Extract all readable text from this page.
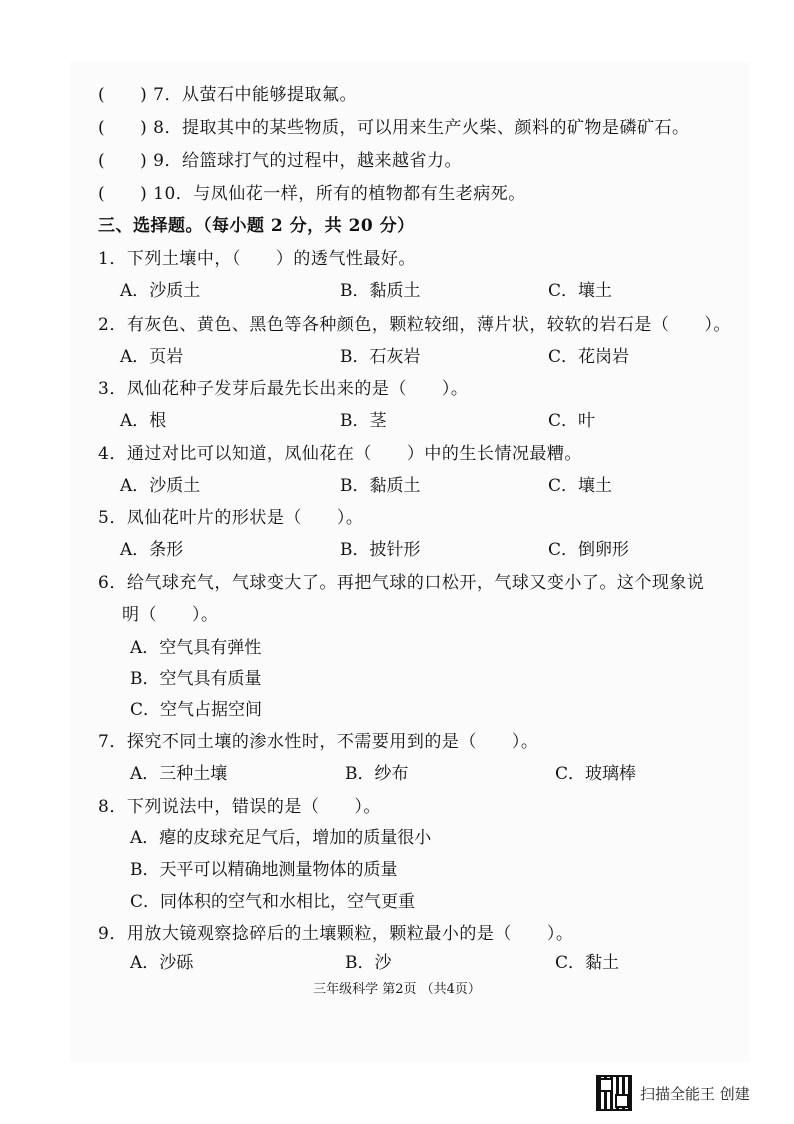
(　　) 7．从萤石中能够提取氟。
(　　) 8．提取其中的某些物质，可以用来生产火柴、颜料的矿物是磷矿石。
(　　) 9．给篮球打气的过程中，越来越省力。
(　　) 10．与凤仙花一样，所有的植物都有生老病死。
三、选择题。（每小题 2 分，共 20 分）
1．下列土壤中，（　　）的透气性最好。
A．沙质土	B．黏质土	C．壤土
2．有灰色、黄色、黑色等各种颜色，颗粒较细，薄片状，较软的岩石是（　　）。
A．页岩	B．石灰岩	C．花岗岩
3．凤仙花种子发芽后最先长出来的是（　　）。
A．根	B．茎	C．叶
4．通过对比可以知道，凤仙花在（　　）中的生长情况最糟。
A．沙质土	B．黏质土	C．壤土
5．凤仙花叶片的形状是（　　）。
A．条形	B．披针形	C．倒卵形
6．给气球充气，气球变大了。再把气球的口松开，气球又变小了。这个现象说
明（　　）。
A．空气具有弹性
B．空气具有质量
C．空气占据空间
7．探究不同土壤的渗水性时，不需要用到的是（　　）。
A．三种土壤	B．纱布	C．玻璃棒
8．下列说法中，错误的是（　　）。
A．瘪的皮球充足气后，增加的质量很小
B．天平可以精确地测量物体的质量
C．同体积的空气和水相比，空气更重
9．用放大镜观察捻碎后的土壤颗粒，颗粒最小的是（　　）。
A．沙砾	B．沙	C．黏土
三年级科学 第2页 （共4页）
扫描全能王 创建
